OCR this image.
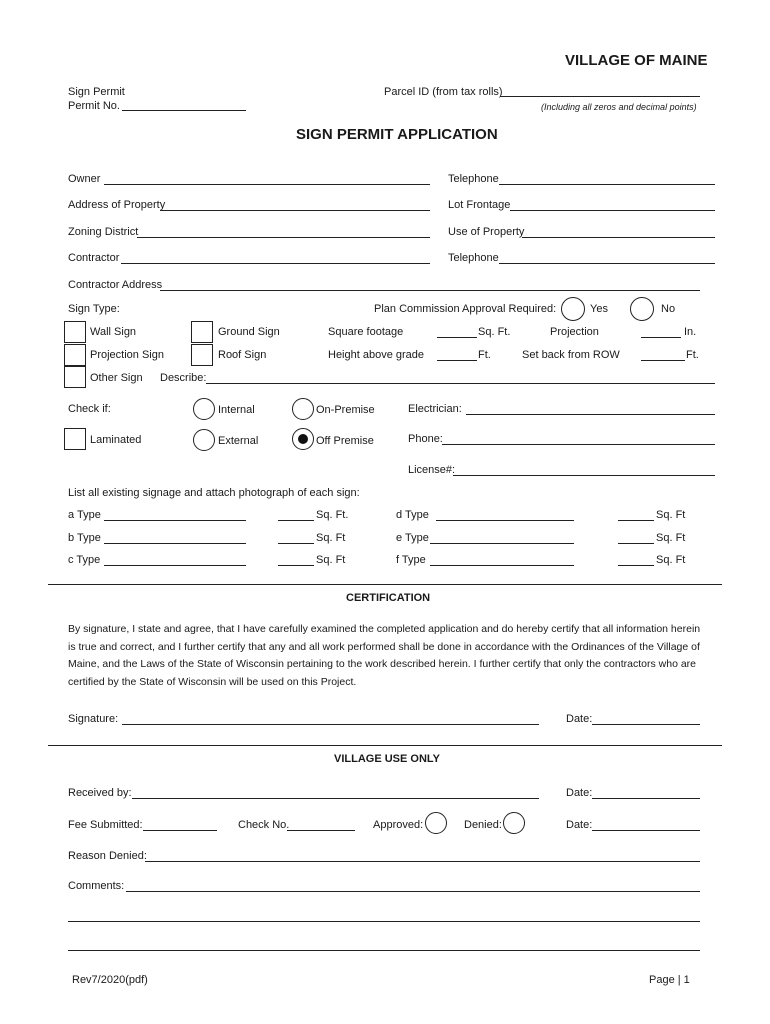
VILLAGE OF MAINE
Sign Permit
Permit No.
Parcel ID (from tax rolls)
(Including all zeros and decimal points)
SIGN PERMIT APPLICATION
Owner	Telephone
Address of Property	Lot Frontage
Zoning District	Use of Property
Contractor	Telephone
Contractor Address
Sign Type:	Plan Commission Approval Required:	Yes	No
Wall Sign	Ground Sign	Square footage	Sq. Ft.	Projection	In.
Projection Sign	Roof Sign	Height above grade	Ft.	Set back from ROW	Ft.
Other Sign Describe:
Check if:	Internal	On-Premise	Electrician:
Laminated	External	Off Premise	Phone:
License#:
List all existing signage and attach photograph of each sign:
a Type	Sq. Ft.	d Type	Sq. Ft
b Type	Sq. Ft	e Type	Sq. Ft
c Type	Sq. Ft	f Type	Sq. Ft
CERTIFICATION
By signature, I state and agree, that I have carefully examined the completed application and do hereby certify that all information herein is true and correct, and I further certify that any and all work performed shall be done in accordance with the Ordinances of the Village of Maine, and the Laws of the State of Wisconsin pertaining to the work described herein. I further certify that only the contractors who are certified by the State of Wisconsin will be used on this Project.
Signature:	Date:
VILLAGE USE ONLY
Received by:	Date:
Fee Submitted:	Check No.	Approved:	Denied:	Date:
Reason Denied:
Comments:
Rev7/2020(pdf)	Page | 1
